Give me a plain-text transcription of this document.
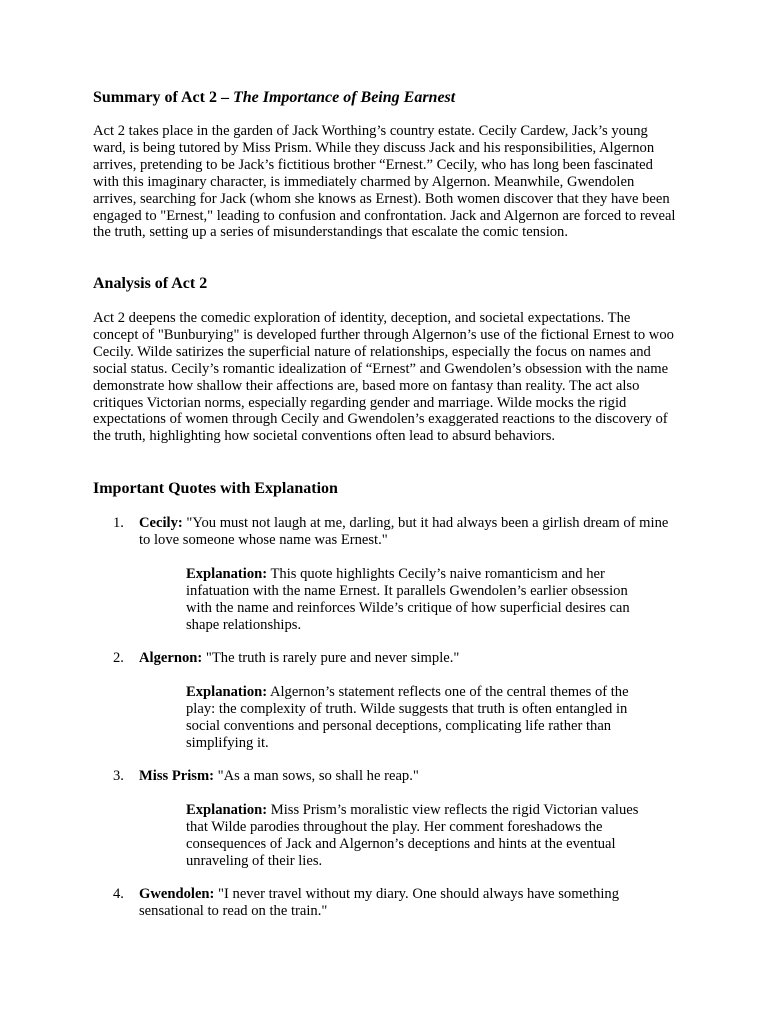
Summary of Act 2 – The Importance of Being Earnest

Act 2 takes place in the garden of Jack Worthing’s country estate. Cecily Cardew, Jack’s young ward, is being tutored by Miss Prism. While they discuss Jack and his responsibilities, Algernon arrives, pretending to be Jack’s fictitious brother “Ernest.” Cecily, who has long been fascinated with this imaginary character, is immediately charmed by Algernon. Meanwhile, Gwendolen arrives, searching for Jack (whom she knows as Ernest). Both women discover that they have been engaged to "Ernest," leading to confusion and confrontation. Jack and Algernon are forced to reveal the truth, setting up a series of misunderstandings that escalate the comic tension.

Analysis of Act 2

Act 2 deepens the comedic exploration of identity, deception, and societal expectations. The concept of "Bunburying" is developed further through Algernon’s use of the fictional Ernest to woo Cecily. Wilde satirizes the superficial nature of relationships, especially the focus on names and social status. Cecily’s romantic idealization of “Ernest” and Gwendolen’s obsession with the name demonstrate how shallow their affections are, based more on fantasy than reality. The act also critiques Victorian norms, especially regarding gender and marriage. Wilde mocks the rigid expectations of women through Cecily and Gwendolen’s exaggerated reactions to the discovery of the truth, highlighting how societal conventions often lead to absurd behaviors.

Important Quotes with Explanation
1.	Cecily: "You must not laugh at me, darling, but it had always been a girlish dream of mine to love someone whose name was Ernest."

Explanation: This quote highlights Cecily’s naive romanticism and her infatuation with the name Ernest. It parallels Gwendolen’s earlier obsession with the name and reinforces Wilde’s critique of how superficial desires can shape relationships.

2.	Algernon: "The truth is rarely pure and never simple."

Explanation: Algernon’s statement reflects one of the central themes of the play: the complexity of truth. Wilde suggests that truth is often entangled in social conventions and personal deceptions, complicating life rather than simplifying it.

3.	Miss Prism: "As a man sows, so shall he reap."

Explanation: Miss Prism’s moralistic view reflects the rigid Victorian values that Wilde parodies throughout the play. Her comment foreshadows the consequences of Jack and Algernon’s deceptions and hints at the eventual unraveling of their lies.

4.	Gwendolen: "I never travel without my diary. One should always have something sensational to read on the train."
